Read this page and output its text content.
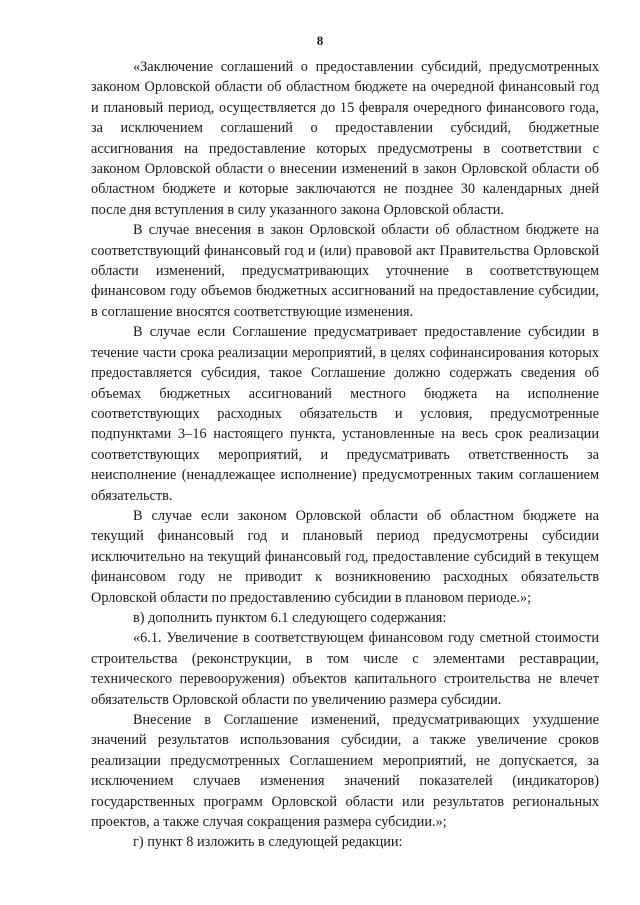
8

«Заключение соглашений о предоставлении субсидий, предусмотренных законом Орловской области об областном бюджете на очередной финансовый год и плановый период, осуществляется до 15 февраля очередного финансового года, за исключением соглашений о предоставлении субсидий, бюджетные ассигнования на предоставление которых предусмотрены в соответствии с законом Орловской области о внесении изменений в закон Орловской области об областном бюджете и которые заключаются не позднее 30 календарных дней после дня вступления в силу указанного закона Орловской области.

В случае внесения в закон Орловской области об областном бюджете на соответствующий финансовый год и (или) правовой акт Правительства Орловской области изменений, предусматривающих уточнение в соответствующем финансовом году объемов бюджетных ассигнований на предоставление субсидии, в соглашение вносятся соответствующие изменения.

В случае если Соглашение предусматривает предоставление субсидии в течение части срока реализации мероприятий, в целях софинансирования которых предоставляется субсидия, такое Соглашение должно содержать сведения об объемах бюджетных ассигнований местного бюджета на исполнение соответствующих расходных обязательств и условия, предусмотренные подпунктами 3–16 настоящего пункта, установленные на весь срок реализации соответствующих мероприятий, и предусматривать ответственность за неисполнение (ненадлежащее исполнение) предусмотренных таким соглашением обязательств.

В случае если законом Орловской области об областном бюджете на текущий финансовый год и плановый период предусмотрены субсидии исключительно на текущий финансовый год, предоставление субсидий в текущем финансовом году не приводит к возникновению расходных обязательств Орловской области по предоставлению субсидии в плановом периоде.»;

в) дополнить пунктом 6.1 следующего содержания:

«6.1. Увеличение в соответствующем финансовом году сметной стоимости строительства (реконструкции, в том числе с элементами реставрации, технического перевооружения) объектов капитального строительства не влечет обязательств Орловской области по увеличению размера субсидии.

Внесение в Соглашение изменений, предусматривающих ухудшение значений результатов использования субсидии, а также увеличение сроков реализации предусмотренных Соглашением мероприятий, не допускается, за исключением случаев изменения значений показателей (индикаторов) государственных программ Орловской области или результатов региональных проектов, а также случая сокращения размера субсидии.»;

г) пункт 8 изложить в следующей редакции:
